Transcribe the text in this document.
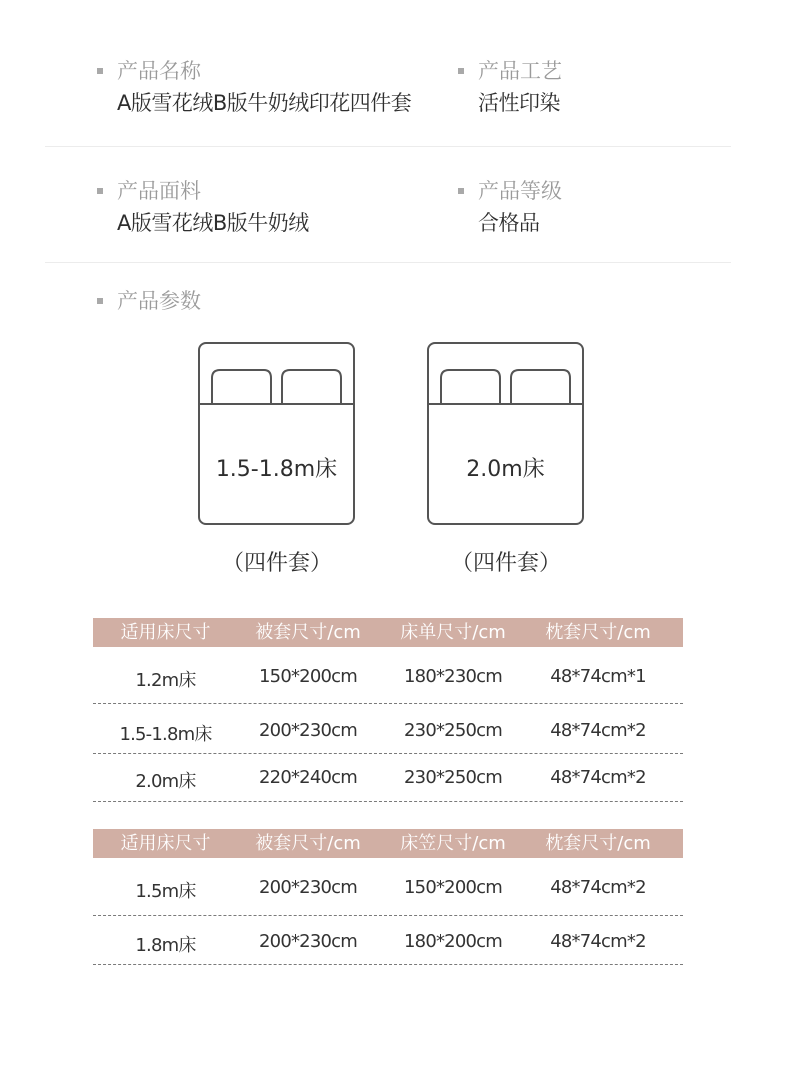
产品名称
A版雪花绒B版牛奶绒印花四件套
产品工艺
活性印染
产品面料
A版雪花绒B版牛奶绒
产品等级
合格品
产品参数
1.5-1.8m床
（四件套）
2.0m床
（四件套）
适用床尺寸	被套尺寸/cm	床单尺寸/cm	枕套尺寸/cm
1.2m床	150*200cm	180*230cm	48*74cm*1
1.5-1.8m床	200*230cm	230*250cm	48*74cm*2
2.0m床	220*240cm	230*250cm	48*74cm*2
适用床尺寸	被套尺寸/cm	床笠尺寸/cm	枕套尺寸/cm
1.5m床	200*230cm	150*200cm	48*74cm*2
1.8m床	200*230cm	180*200cm	48*74cm*2
